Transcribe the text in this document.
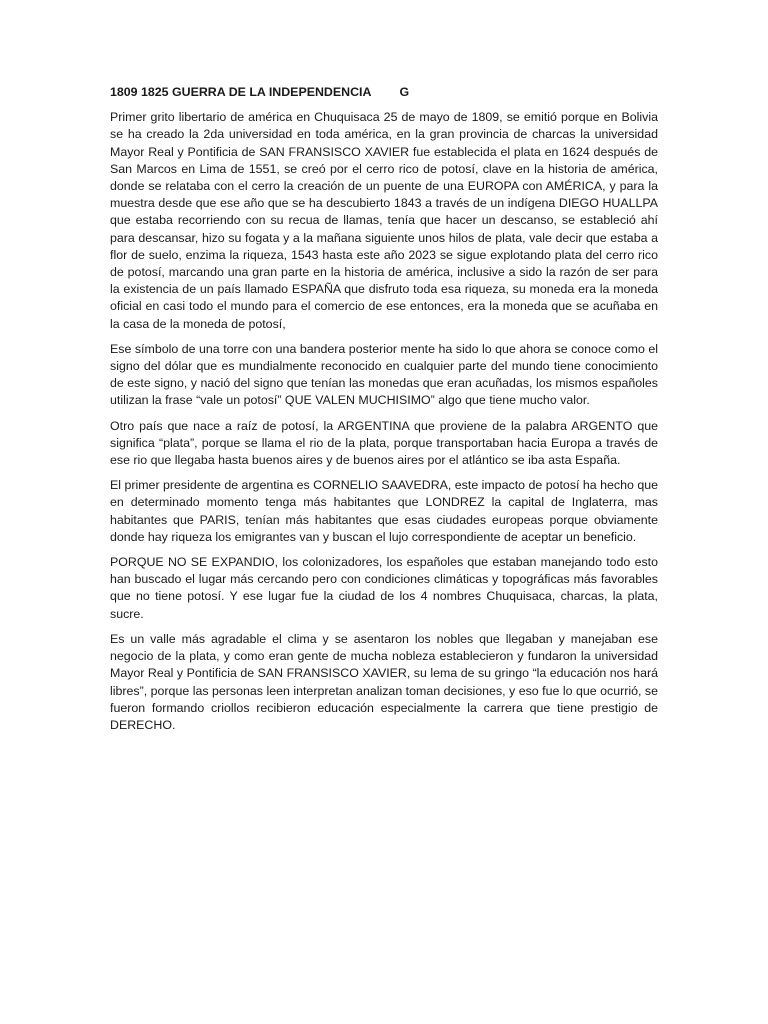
1809 1825 GUERRA DE LA INDEPENDENCIA G

Primer grito libertario de américa en Chuquisaca 25 de mayo de 1809, se emitió porque en Bolivia se ha creado la 2da universidad en toda américa, en la gran provincia de charcas la universidad Mayor Real y Pontificia de SAN FRANSISCO XAVIER fue establecida el plata en 1624 después de San Marcos en Lima de 1551, se creó por el cerro rico de potosí, clave en la historia de américa, donde se relataba con el cerro la creación de un puente de una EUROPA con AMÉRICA, y para la muestra desde que ese año que se ha descubierto 1843 a través de un indígena DIEGO HUALLPA que estaba recorriendo con su recua de llamas, tenía que hacer un descanso, se estableció ahí para descansar, hizo su fogata y a la mañana siguiente unos hilos de plata, vale decir que estaba a flor de suelo, enzima la riqueza, 1543 hasta este año 2023 se sigue explotando plata del cerro rico de potosí, marcando una gran parte en la historia de américa, inclusive a sido la razón de ser para la existencia de un país llamado ESPAÑA que disfruto toda esa riqueza, su moneda era la moneda oficial en casi todo el mundo para el comercio de ese entonces, era la moneda que se acuñaba en la casa de la moneda de potosí,

Ese símbolo de una torre con una bandera posterior mente ha sido lo que ahora se conoce como el signo del dólar que es mundialmente reconocido en cualquier parte del mundo tiene conocimiento de este signo, y nació del signo que tenían las monedas que eran acuñadas, los mismos españoles utilizan la frase “vale un potosí” QUE VALEN MUCHISIMO” algo que tiene mucho valor.

Otro país que nace a raíz de potosí, la ARGENTINA que proviene de la palabra ARGENTO que significa “plata”, porque se llama el rio de la plata, porque transportaban hacia Europa a través de ese rio que llegaba hasta buenos aires y de buenos aires por el atlántico se iba asta España.

El primer presidente de argentina es CORNELIO SAAVEDRA, este impacto de potosí ha hecho que en determinado momento tenga más habitantes que LONDREZ la capital de Inglaterra, mas habitantes que PARIS, tenían más habitantes que esas ciudades europeas porque obviamente donde hay riqueza los emigrantes van y buscan el lujo correspondiente de aceptar un beneficio.

PORQUE NO SE EXPANDIO, los colonizadores, los españoles que estaban manejando todo esto han buscado el lugar más cercando pero con condiciones climáticas y topográficas más favorables que no tiene potosí. Y ese lugar fue la ciudad de los 4 nombres Chuquisaca, charcas, la plata, sucre.

Es un valle más agradable el clima y se asentaron los nobles que llegaban y manejaban ese negocio de la plata, y como eran gente de mucha nobleza establecieron y fundaron la universidad Mayor Real y Pontificia de SAN FRANSISCO XAVIER, su lema de su gringo “la educación nos hará libres”, porque las personas leen interpretan analizan toman decisiones, y eso fue lo que ocurrió, se fueron formando criollos recibieron educación especialmente la carrera que tiene prestigio de DERECHO.
